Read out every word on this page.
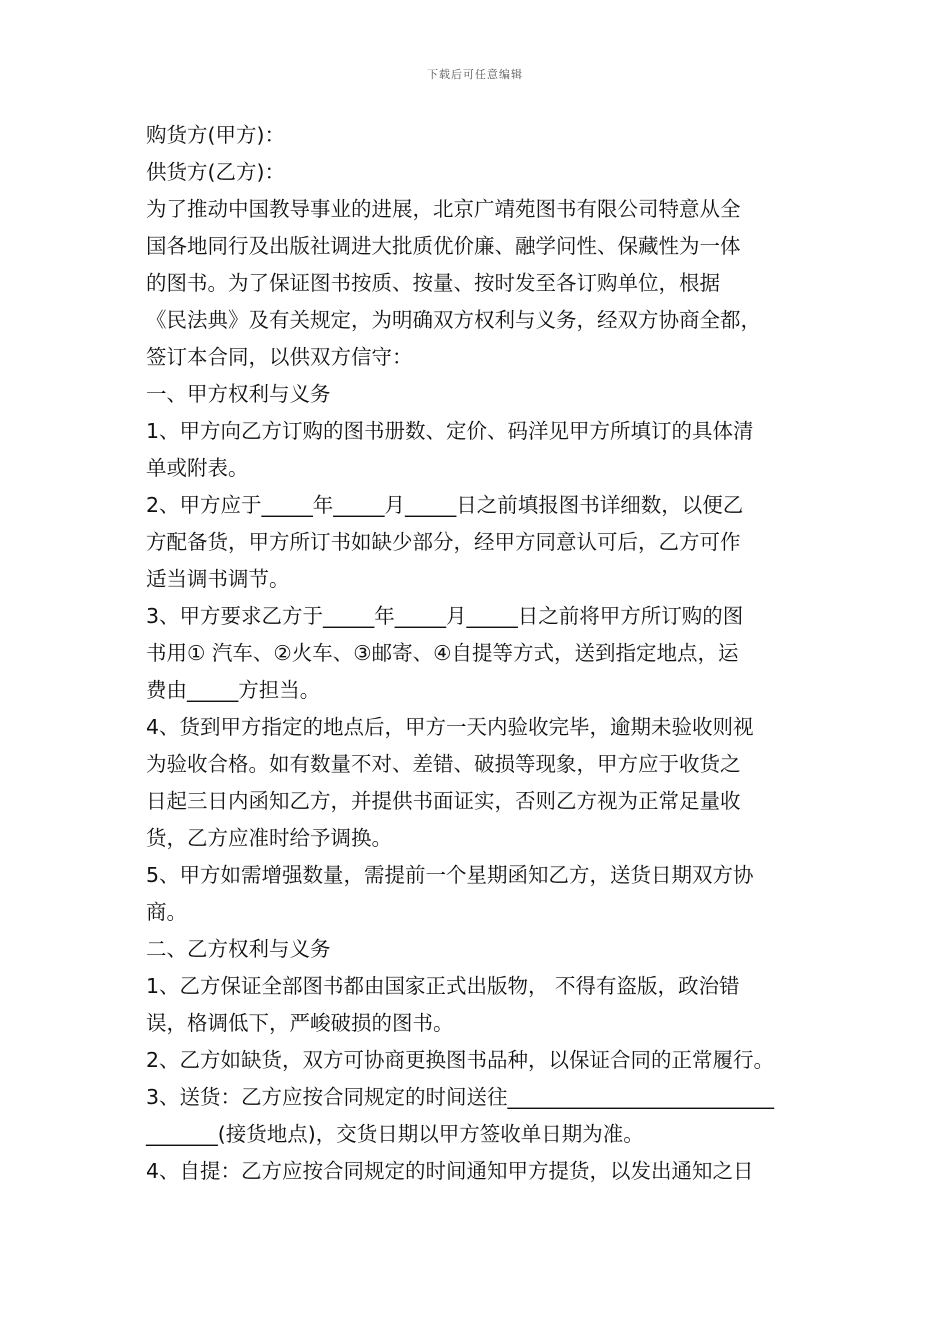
下载后可任意编辑
购货方(甲方)：
供货方(乙方)：
为了推动中国教导事业的进展，北京广靖苑图书有限公司特意从全
国各地同行及出版社调进大批质优价廉、融学问性、保藏性为一体
的图书。为了保证图书按质、按量、按时发至各订购单位，根据
《民法典》及有关规定，为明确双方权利与义务，经双方协商全都，
签订本合同，以供双方信守：
一、甲方权利与义务
1、甲方向乙方订购的图书册数、定价、码洋见甲方所填订的具体清
单或附表。
2、甲方应于_____年_____月_____日之前填报图书详细数，以便乙
方配备货，甲方所订书如缺少部分，经甲方同意认可后，乙方可作
适当调书调节。
3、甲方要求乙方于_____年_____月_____日之前将甲方所订购的图
书用① 汽车、②火车、③邮寄、④自提等方式，送到指定地点，运
费由_____方担当。
4、货到甲方指定的地点后，甲方一天内验收完毕，逾期未验收则视
为验收合格。如有数量不对、差错、破损等现象，甲方应于收货之
日起三日内函知乙方，并提供书面证实，否则乙方视为正常足量收
货，乙方应准时给予调换。
5、甲方如需增强数量，需提前一个星期函知乙方，送货日期双方协
商。
二、乙方权利与义务
1、乙方保证全部图书都由国家正式出版物， 不得有盗版，政治错
误，格调低下，严峻破损的图书。
2、乙方如缺货，双方可协商更换图书品种，以保证合同的正常履行。
3、送货：乙方应按合同规定的时间送往__________________________
_______(接货地点)，交货日期以甲方签收单日期为准。
4、自提：乙方应按合同规定的时间通知甲方提货，以发出通知之日
